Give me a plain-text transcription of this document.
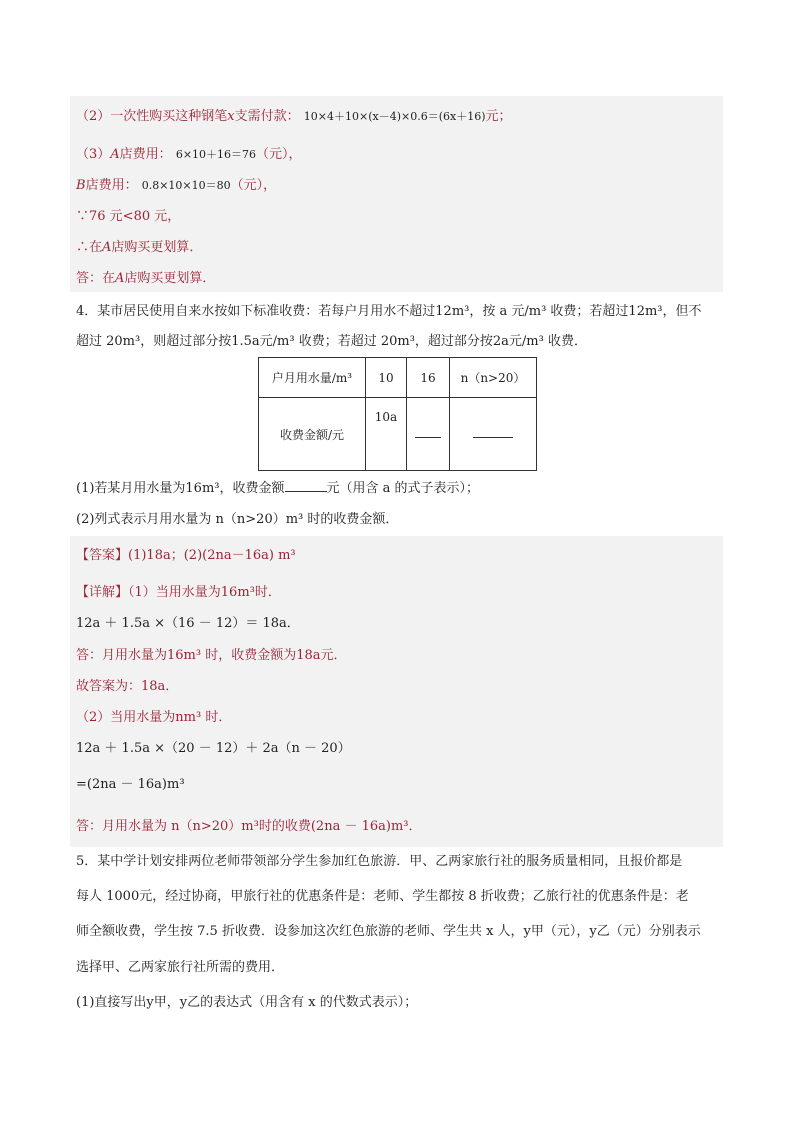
（2）一次性购买这种钢笔x支需付款： 10×4＋10×(x－4)×0.6＝(6x＋16)元；
（3）A店费用： 6×10＋16＝76（元），
B店费用： 0.8×10×10＝80（元），
∵76 元<80 元，
∴在A店购买更划算．
答：在A店购买更划算．
4．某市居民使用自来水按如下标准收费：若每户月用水不超过12m³，按 a 元/m³ 收费；若超过12m³，但不
超过 20m³，则超过部分按1.5a元/m³ 收费；若超过 20m³，超过部分按2a元/m³ 收费．
户月用水量/m³	10	16	n（n>20）
收费金额/元	10a		
(1)若某月用水量为16m³，收费金额	元（用含 a 的式子表示）；
(2)列式表示月用水量为 n（n>20）m³ 时的收费金额．
【答案】(1)18a；(2)(2na－16a) m³
【详解】（1）当用水量为16m³时．
12a ＋ 1.5a ×（16 － 12）＝ 18a．
答：月用水量为16m³ 时，收费金额为18a元．
故答案为：18a．
（2）当用水量为nm³ 时．
12a ＋ 1.5a ×（20 － 12）＋ 2a（n － 20）
=(2na － 16a)m³
答：月用水量为 n（n>20）m³时的收费(2na － 16a)m³．
5．某中学计划安排两位老师带领部分学生参加红色旅游．甲、乙两家旅行社的服务质量相同，且报价都是
每人 1000元，经过协商，甲旅行社的优惠条件是：老师、学生都按 8 折收费；乙旅行社的优惠条件是：老
师全额收费，学生按 7.5 折收费．设参加这次红色旅游的老师、学生共 x 人，y甲（元），y乙（元）分别表示
选择甲、乙两家旅行社所需的费用．
(1)直接写出y甲，y乙的表达式（用含有 x 的代数式表示）；
